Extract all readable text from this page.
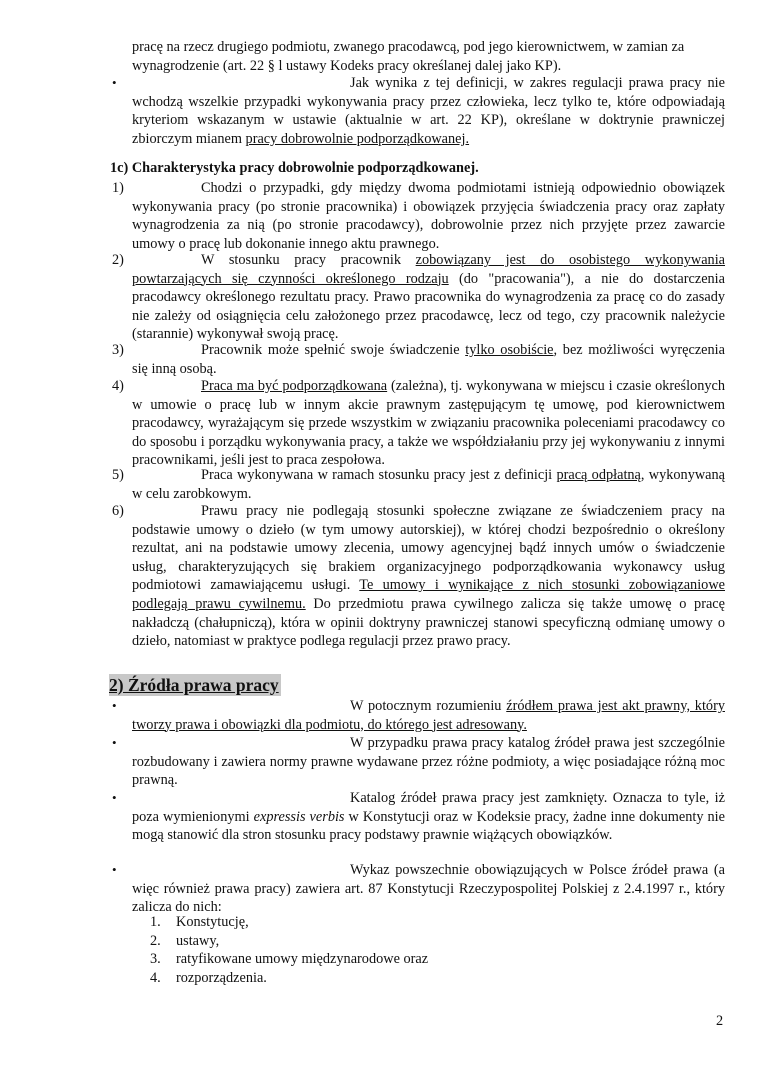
pracę na rzecz drugiego podmiotu, zwanego pracodawcą, pod jego kierownictwem, w zamian za
wynagrodzenie (art. 22 § l ustawy Kodeks pracy określanej dalej jako KP).
•	Jak wynika z tej definicji, w zakres regulacji prawa pracy nie wchodzą wszelkie przypadki wykonywania pracy przez człowieka, lecz tylko te, które odpowiadają kryteriom wskazanym w ustawie (aktualnie w art. 22 KP), określane w doktrynie prawniczej zbiorczym mianem pracy dobrowolnie podporządkowanej.
1c) Charakterystyka pracy dobrowolnie podporządkowanej.
1)	Chodzi o przypadki, gdy między dwoma podmiotami istnieją odpowiednio obowiązek wykonywania pracy (po stronie pracownika) i obowiązek przyjęcia świadczenia pracy oraz zapłaty wynagrodzenia za nią (po stronie pracodawcy), dobrowolnie przez nich przyjęte przez zawarcie umowy o pracę lub dokonanie innego aktu prawnego.
2)	W stosunku pracy pracownik zobowiązany jest do osobistego wykonywania powtarzających się czynności określonego rodzaju (do "pracowania"), a nie do dostarczenia pracodawcy określonego rezultatu pracy. Prawo pracownika do wynagrodzenia za pracę co do zasady nie zależy od osiągnięcia celu założonego przez pracodawcę, lecz od tego, czy pracownik należycie (starannie) wykonywał swoją pracę.
3)	Pracownik może spełnić swoje świadczenie tylko osobiście, bez możliwości wyręczenia się inną osobą.
4)	Praca ma być podporządkowana (zależna), tj. wykonywana w miejscu i czasie określonych w umowie o pracę lub w innym akcie prawnym zastępującym tę umowę, pod kierownictwem pracodawcy, wyrażającym się przede wszystkim w związaniu pracownika poleceniami pracodawcy co do sposobu i porządku wykonywania pracy, a także we współdziałaniu przy jej wykonywaniu z innymi pracownikami, jeśli jest to praca zespołowa.
5)	Praca wykonywana w ramach stosunku pracy jest z definicji pracą odpłatną, wykonywaną w celu zarobkowym.
6)	Prawu pracy nie podlegają stosunki społeczne związane ze świadczeniem pracy na podstawie umowy o dzieło (w tym umowy autorskiej), w której chodzi bezpośrednio o określony rezultat, ani na podstawie umowy zlecenia, umowy agencyjnej bądź innych umów o świadczenie usług, charakteryzujących się brakiem organizacyjnego podporządkowania wykonawcy usług podmiotowi zamawiającemu usługi. Te umowy i wynikające z nich stosunki zobowiązaniowe podlegają prawu cywilnemu. Do przedmiotu prawa cywilnego zalicza się także umowę o pracę nakładczą (chałupniczą), która w opinii doktryny prawniczej stanowi specyficzną odmianę umowy o dzieło, natomiast w praktyce podlega regulacji przez prawo pracy.
2) Źródła prawa pracy
•	W potocznym rozumieniu źródłem prawa jest akt prawny, który tworzy prawa i obowiązki dla podmiotu, do którego jest adresowany.
•	W przypadku prawa pracy katalog źródeł prawa jest szczególnie rozbudowany i zawiera normy prawne wydawane przez różne podmioty, a więc posiadające różną moc prawną.
•	Katalog źródeł prawa pracy jest zamknięty. Oznacza to tyle, iż poza wymienionymi expressis verbis w Konstytucji oraz w Kodeksie pracy, żadne inne dokumenty nie mogą stanowić dla stron stosunku pracy podstawy prawnie wiążących obowiązków.
•	Wykaz powszechnie obowiązujących w Polsce źródeł prawa (a więc również prawa pracy) zawiera art. 87 Konstytucji Rzeczypospolitej Polskiej z 2.4.1997 r., który zalicza do nich:
1. Konstytucję,
2. ustawy,
3. ratyfikowane umowy międzynarodowe oraz
4. rozporządzenia.
2
